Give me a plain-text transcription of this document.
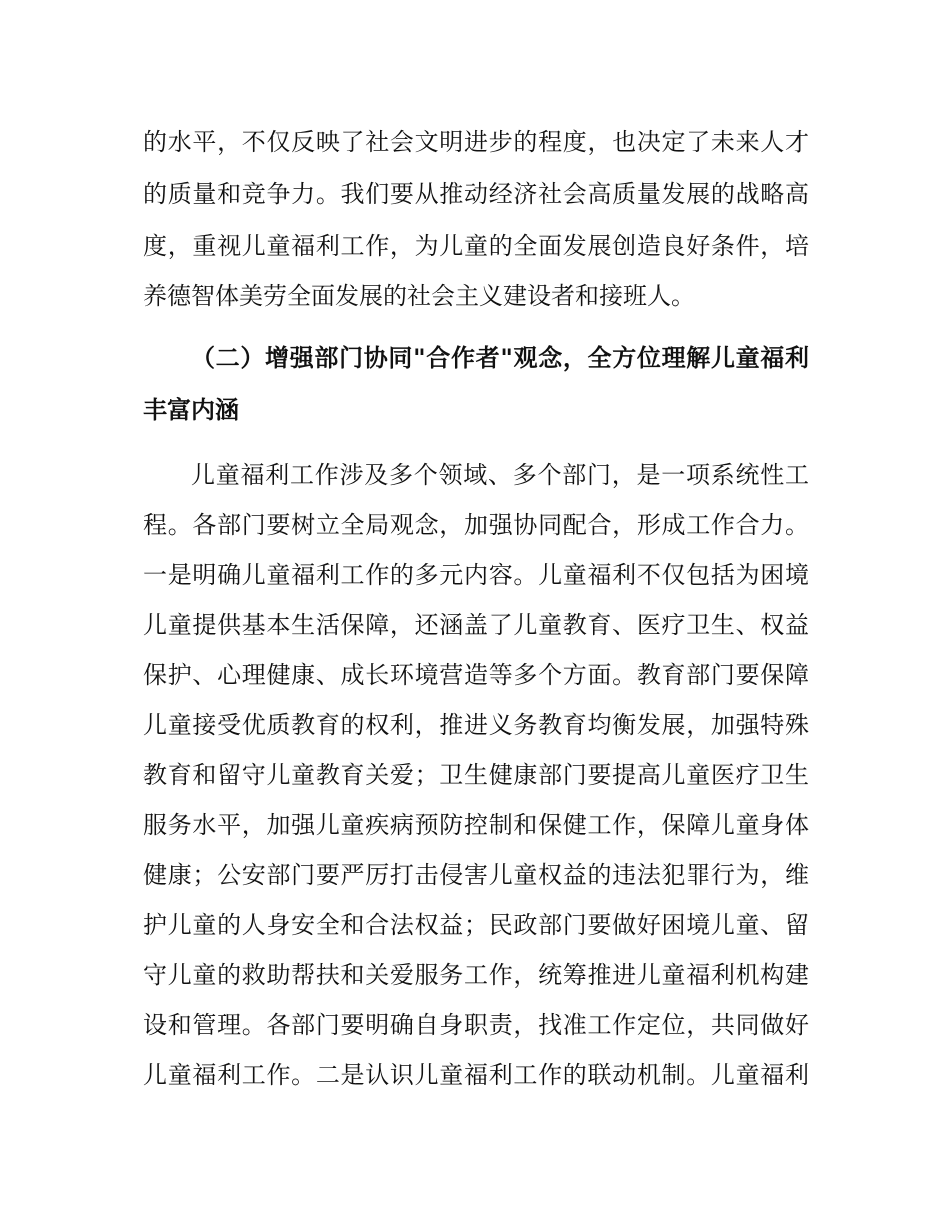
的水平，不仅反映了社会文明进步的程度，也决定了未来人才
的质量和竞争力。我们要从推动经济社会高质量发展的战略高
度，重视儿童福利工作，为儿童的全面发展创造良好条件，培
养德智体美劳全面发展的社会主义建设者和接班人。
（二）增强部门协同"合作者"观念，全方位理解儿童福利
丰富内涵
儿童福利工作涉及多个领域、多个部门，是一项系统性工
程。各部门要树立全局观念，加强协同配合，形成工作合力。
一是明确儿童福利工作的多元内容。儿童福利不仅包括为困境
儿童提供基本生活保障，还涵盖了儿童教育、医疗卫生、权益
保护、心理健康、成长环境营造等多个方面。教育部门要保障
儿童接受优质教育的权利，推进义务教育均衡发展，加强特殊
教育和留守儿童教育关爱；卫生健康部门要提高儿童医疗卫生
服务水平，加强儿童疾病预防控制和保健工作，保障儿童身体
健康；公安部门要严厉打击侵害儿童权益的违法犯罪行为，维
护儿童的人身安全和合法权益；民政部门要做好困境儿童、留
守儿童的救助帮扶和关爱服务工作，统筹推进儿童福利机构建
设和管理。各部门要明确自身职责，找准工作定位，共同做好
儿童福利工作。二是认识儿童福利工作的联动机制。儿童福利
